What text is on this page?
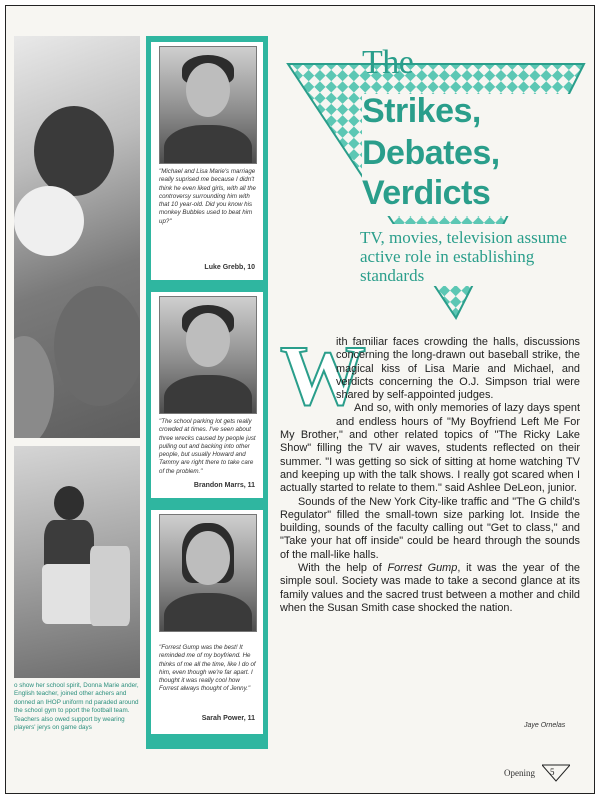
o show her school spirit, Donna Marie ander, English teacher, joined other achers and donned an IHOP uniform nd paraded around the school gym to pport the football team. Teachers also owed support by wearing players' jerys on game days
"Michael and Lisa Marie's marriage really suprised me because I didn't think he even liked girls, with all the controversy surrounding him with that 10 year-old. Did you know his monkey Bubbles used to beat him up?"
Luke Grebb, 10
"The school parking lot gets really crowded at times. I've seen about three wrecks caused by people just pulling out and backing into other people, but usually Howard and Tammy are right there to take care of the problem."
Brandon Marrs, 11
"Forrest Gump was the best! It reminded me of my boyfriend. He thinks of me all the time, like I do of him, even though we're far apart. I thought it was really cool how Forrest always thought of Jenny."
Sarah Power, 11
The
Strikes,
Debates,
Verdicts
TV, movies, television assume active role in establishing standards
W

ith familiar faces crowding the halls, discussions concerning the long-drawn out baseball strike, the magical kiss of Lisa Marie and Michael, and verdicts concerning the O.J. Simpson trial were shared by self-appointed judges.

And so, with only memories of lazy days spent and endless hours of "My Boyfriend Left Me For My Brother," and other related topics of "The Ricky Lake Show" filling the TV air waves, students reflected on their summer. "I was getting so sick of sitting at home watching TV and keeping up with the talk shows. I really got scared when I actually started to relate to them." said Ashlee DeLeon, junior.

Sounds of the New York City-like traffic and "The G child's Regulator" filled the small-town size parking lot. Inside the building, sounds of the faculty calling out "Get to class," and "Take your hat off inside" could be heard through the sounds of the mall-like halls.

With the help of Forrest Gump, it was the year of the simple soul. Society was made to take a second glance at its family values and the sacred trust between a mother and child when the Susan Smith case shocked the nation.

Jaye Ornelas
Opening 5
